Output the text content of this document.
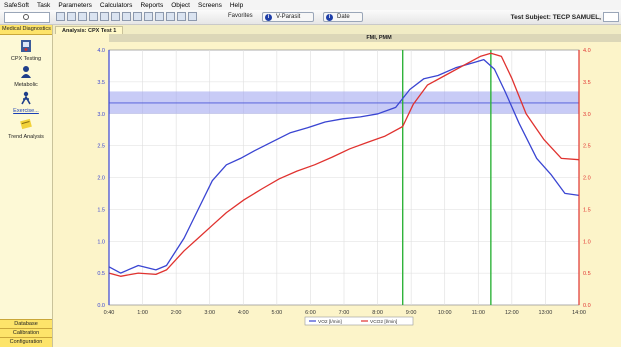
SafeSoft	Task	Parameters	Calculators	Reports	Object	Screens	Help
Favorites	i	V-Parasit	i	Date	Test Subject: TECP SAMUEL,
Medical Diagnostics
CPX Testing
Metabolic
Exercise...
Trend Analysis
Database
Calibration
Configuration
Analysis: CPX Test 1
FMI, PMM
0:40	1:00	2:00	3:00	4:00	5:00	6:00	7:00	8:00	9:00	10:00	11:00	12:00	13:00	14:00
0.0
0.5
1.0
1.5
2.0
2.5
3.0
3.5
4.0
0.0
0.5
1.0
1.5
2.0
2.5
3.0
3.5
4.0
VO2 [l/min]	VCO2 [l/min]
